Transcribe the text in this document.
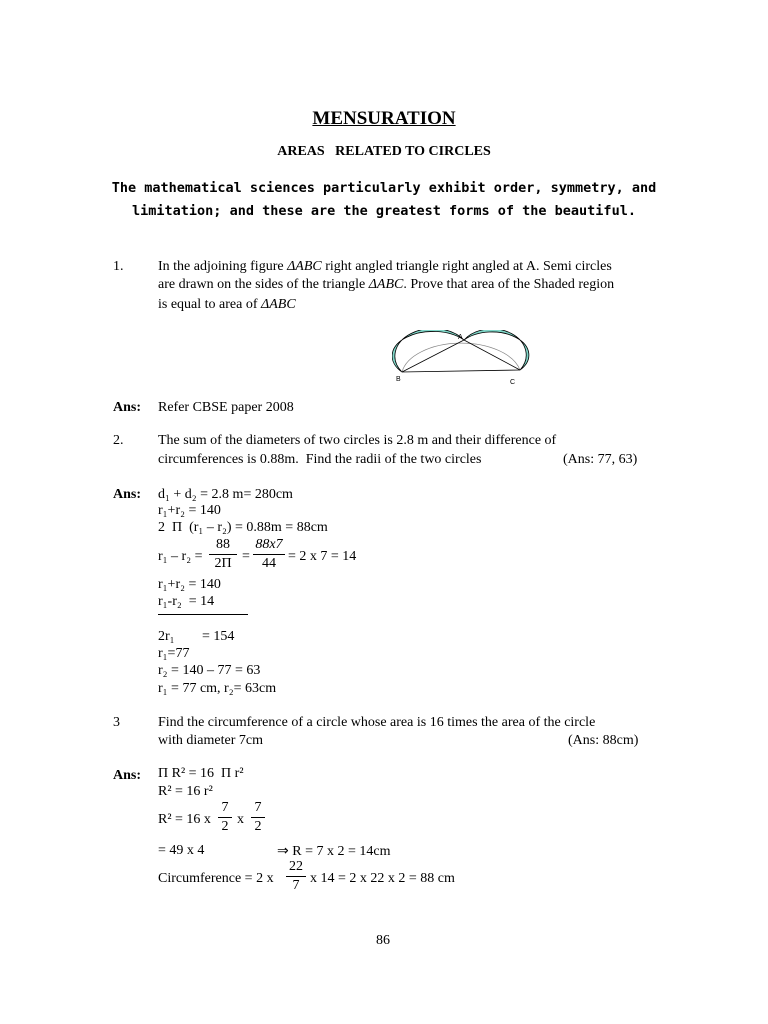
MENSURATION
AREAS   RELATED TO CIRCLES
The mathematical sciences particularly exhibit order, symmetry, and
limitation; and these are the greatest forms of the beautiful.
1. In the adjoining figure ΔABC right angled triangle right angled at A. Semi circles
are drawn on the sides of the triangle ΔABC. Prove that area of the Shaded region
is equal to area of ΔABC
A
B	C
Ans: Refer CBSE paper 2008
2. The sum of the diameters of two circles is 2.8 m and their difference of
circumferences is 0.88m.  Find the radii of the two circles	(Ans: 77, 63)
Ans: d₁ + d₂ = 2.8 m= 280cm
r₁+r₂ = 140
2  Π  (r₁ – r₂) = 0.88m = 88cm
r₁ – r₂ =
88
2Π =
88x7
44 = 2 x 7 = 14
r₁+r₂ = 140
r₁-r₂  = 14
2r₁ = 154
r₁=77
r₂ = 140 – 77 = 63
r₁ = 77 cm, r₂= 63cm
3	Find the circumference of a circle whose area is 16 times the area of the circle
with diameter 7cm	(Ans: 88cm)
Ans: Π R² = 16  Π r²
R² = 16 r²
R² = 16 x
7
2 x
7
2
= 49 x 4	⇒ R = 7 x 2 = 14cm
Circumference = 2 x
22
7 x 14 = 2 x 22 x 2 = 88 cm
86
